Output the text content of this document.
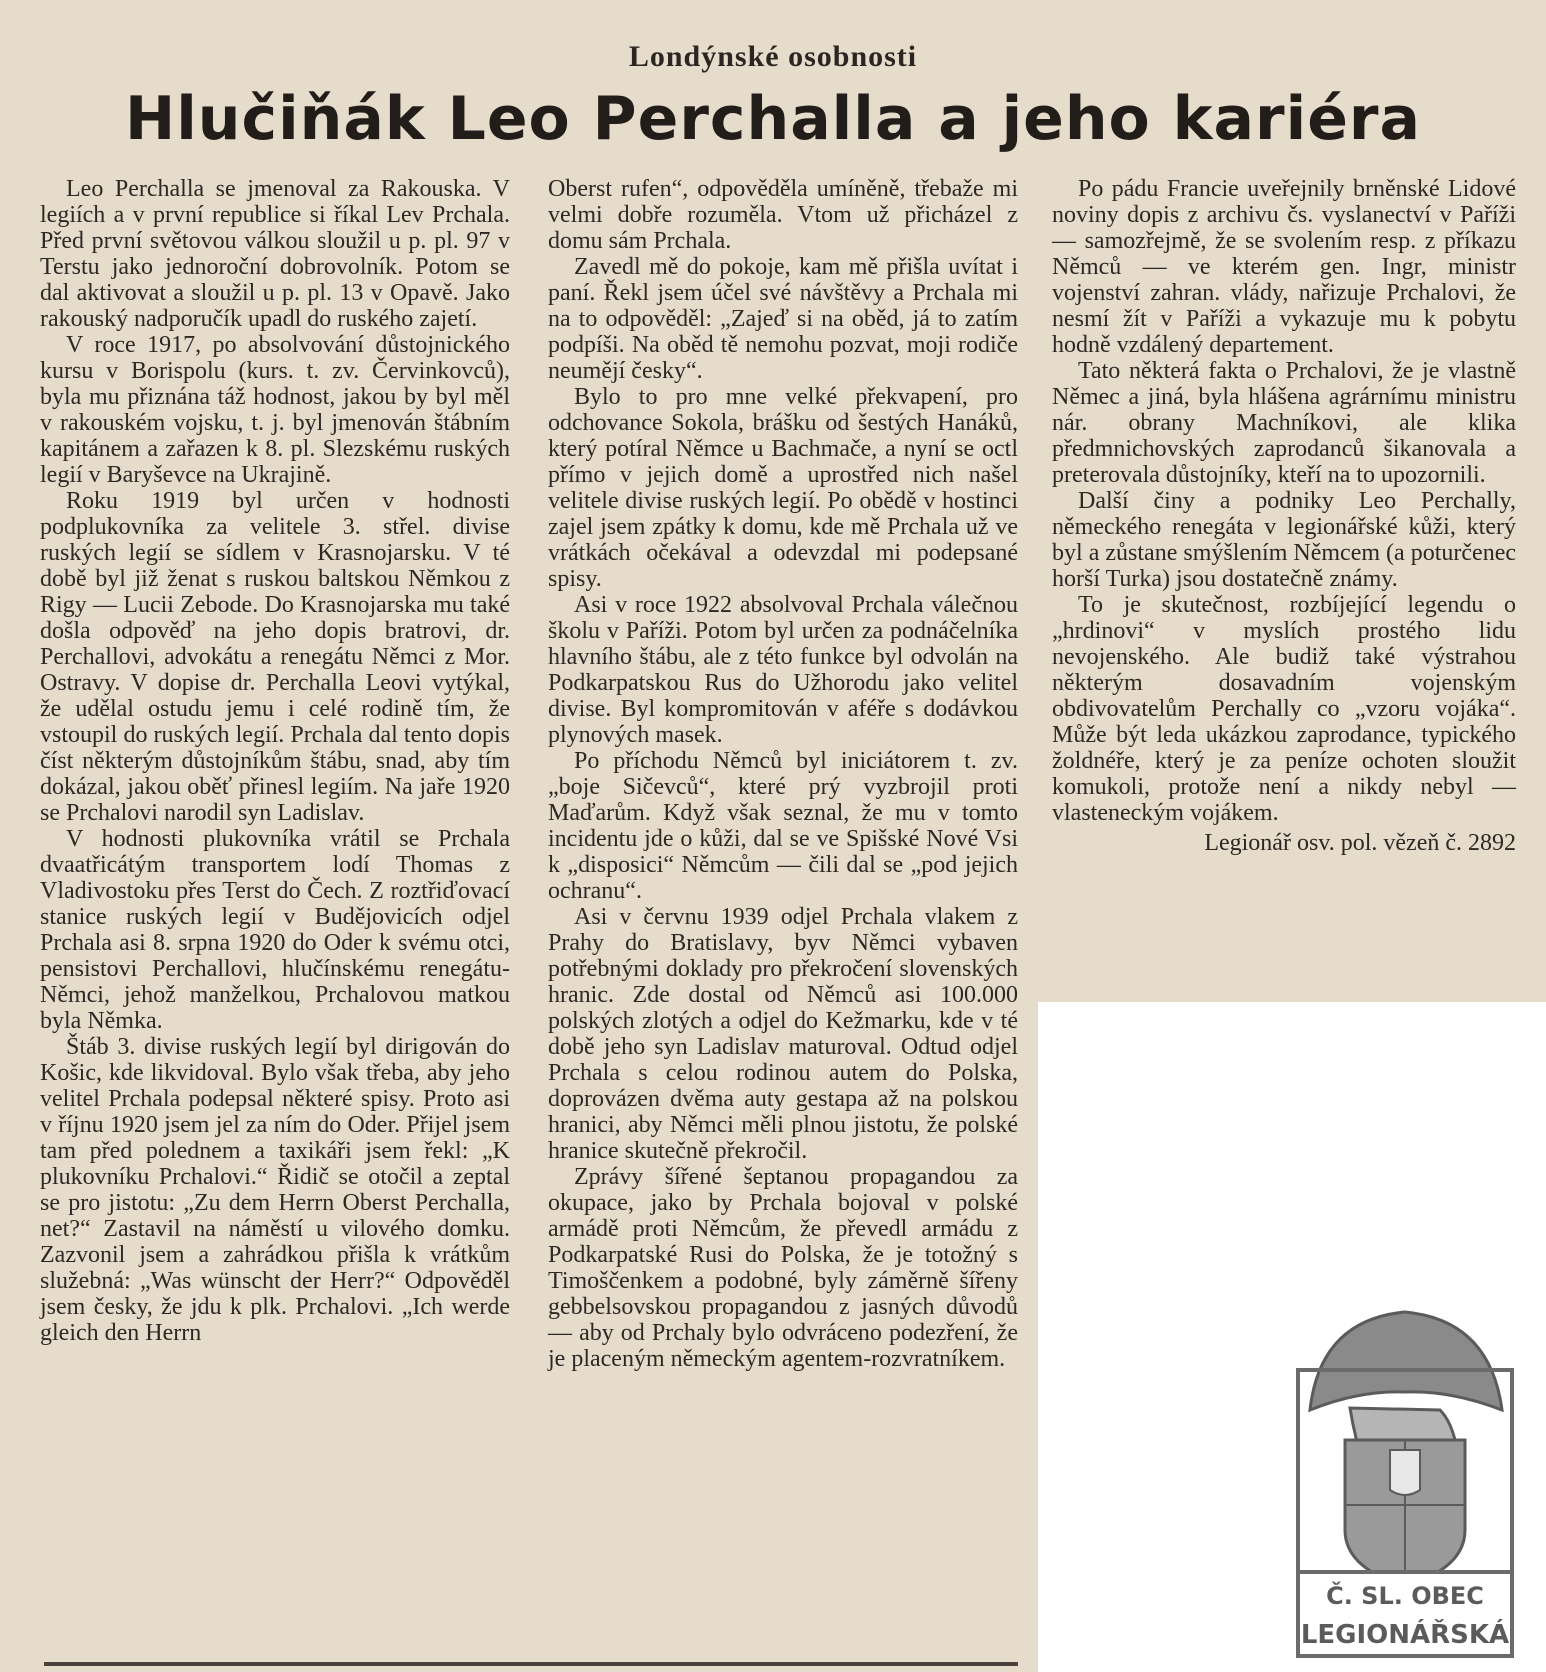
Londýnské osobnosti
Hlučiňák Leo Perchalla a jeho kariéra

Leo Perchalla se jmenoval za Rakouska. V legiích a v první republice si říkal Lev Prchala. Před první světovou válkou sloužil u p. pl. 97 v Terstu jako jednoroční dobrovolník. Potom se dal aktivovat a sloužil u p. pl. 13 v Opavě. Jako rakouský nadporučík upadl do ruského zajetí.

V roce 1917, po absolvování důstojnického kursu v Borispolu (kurs. t. zv. Červinkovců), byla mu přiznána táž hodnost, jakou by byl měl v rakouském vojsku, t. j. byl jmenován štábním kapitánem a zařazen k 8. pl. Slezskému ruských legií v Baryševce na Ukrajině.

Roku 1919 byl určen v hodnosti podplukovníka za velitele 3. střel. divise ruských legií se sídlem v Krasnojarsku. V té době byl již ženat s ruskou baltskou Němkou z Rigy — Lucii Zebode. Do Krasnojarska mu také došla odpověď na jeho dopis bratrovi, dr. Perchallovi, advokátu a renegátu Němci z Mor. Ostravy. V dopise dr. Perchalla Leovi vytýkal, že udělal ostudu jemu i celé rodině tím, že vstoupil do ruských legií. Prchala dal tento dopis číst některým důstojníkům štábu, snad, aby tím dokázal, jakou oběť přinesl legiím. Na jaře 1920 se Prchalovi narodil syn Ladislav.

V hodnosti plukovníka vrátil se Prchala dvaatřicátým transportem lodí Thomas z Vladivostoku přes Terst do Čech. Z roztřiďovací stanice ruských legií v Budějovicích odjel Prchala asi 8. srpna 1920 do Oder k svému otci, pensistovi Perchallovi, hlučínskému renegátu-Němci, jehož manželkou, Prchalovou matkou byla Němka.

Štáb 3. divise ruských legií byl dirigován do Košic, kde likvidoval. Bylo však třeba, aby jeho velitel Prchala podepsal některé spisy. Proto asi v říjnu 1920 jsem jel za ním do Oder. Přijel jsem tam před polednem a taxikáři jsem řekl: „K plukovníku Prchalovi.“ Řidič se otočil a zeptal se pro jistotu: „Zu dem Herrn Oberst Perchalla, net?“ Zastavil na náměstí u vilového domku. Zazvonil jsem a zahrádkou přišla k vrátkům služebná: „Was wünscht der Herr?“ Odpověděl jsem česky, že jdu k plk. Prchalovi. „Ich werde gleich den Herrn

Oberst rufen“, odpověděla umíněně, třebaže mi velmi dobře rozuměla. Vtom už přicházel z domu sám Prchala.

Zavedl mě do pokoje, kam mě přišla uvítat i paní. Řekl jsem účel své návštěvy a Prchala mi na to odpověděl: „Zajeď si na oběd, já to zatím podpíši. Na oběd tě nemohu pozvat, moji rodiče neumějí česky“.

Bylo to pro mne velké překvapení, pro odchovance Sokola, brášku od šestých Hanáků, který potíral Němce u Bachmače, a nyní se octl přímo v jejich domě a uprostřed nich našel velitele divise ruských legií. Po obědě v hostinci zajel jsem zpátky k domu, kde mě Prchala už ve vrátkách očekával a odevzdal mi podepsané spisy.

Asi v roce 1922 absolvoval Prchala válečnou školu v Paříži. Potom byl určen za podnáčelníka hlavního štábu, ale z této funkce byl odvolán na Podkarpatskou Rus do Užhorodu jako velitel divise. Byl kompromitován v aféře s dodávkou plynových masek.

Po příchodu Němců byl iniciátorem t. zv. „boje Sičevců“, které prý vyzbrojil proti Maďarům. Když však seznal, že mu v tomto incidentu jde o kůži, dal se ve Spišské Nové Vsi k „disposici“ Němcům — čili dal se „pod jejich ochranu“.

Asi v červnu 1939 odjel Prchala vlakem z Prahy do Bratislavy, byv Němci vybaven potřebnými doklady pro překročení slovenských hranic. Zde dostal od Němců asi 100.000 polských zlotých a odjel do Kežmarku, kde v té době jeho syn Ladislav maturoval. Odtud odjel Prchala s celou rodinou autem do Polska, doprovázen dvěma auty gestapa až na polskou hranici, aby Němci měli plnou jistotu, že polské hranice skutečně překročil.

Zprávy šířené šeptanou propagandou za okupace, jako by Prchala bojoval v polské armádě proti Němcům, že převedl armádu z Podkarpatské Rusi do Polska, že je totožný s Timoščenkem a podobné, byly záměrně šířeny gebbelsovskou propagandou z jasných důvodů — aby od Prchaly bylo odvráceno podezření, že je placeným německým agentem-rozvratníkem.

Po pádu Francie uveřejnily brněnské Lidové noviny dopis z archivu čs. vyslanectví v Paříži — samozřejmě, že se svolením resp. z příkazu Němců — ve kterém gen. Ingr, ministr vojenství zahran. vlády, nařizuje Prchalovi, že nesmí žít v Paříži a vykazuje mu k pobytu hodně vzdálený departement.

Tato některá fakta o Prchalovi, že je vlastně Němec a jiná, byla hlášena agrárnímu ministru nár. obrany Machníkovi, ale klika předmnichovských zaprodanců šikanovala a preterovala důstojníky, kteří na to upozornili.

Další činy a podniky Leo Perchally, německého renegáta v legionářské kůži, který byl a zůstane smýšlením Němcem (a poturčenec horší Turka) jsou dostatečně známy.

To je skutečnost, rozbíjející legendu o „hrdinovi“ v myslích prostého lidu nevojenského. Ale budiž také výstrahou některým dosavadním vojenským obdivovatelům Perchally co „vzoru vojáka“. Může být leda ukázkou zaprodance, typického žoldnéře, který je za peníze ochoten sloužit komukoli, protože není a nikdy nebyl — vlasteneckým vojákem.

Legionář osv. pol. vězeň č. 2892

Č. SL. OBEC
LEGIONÁŘSKÁ
